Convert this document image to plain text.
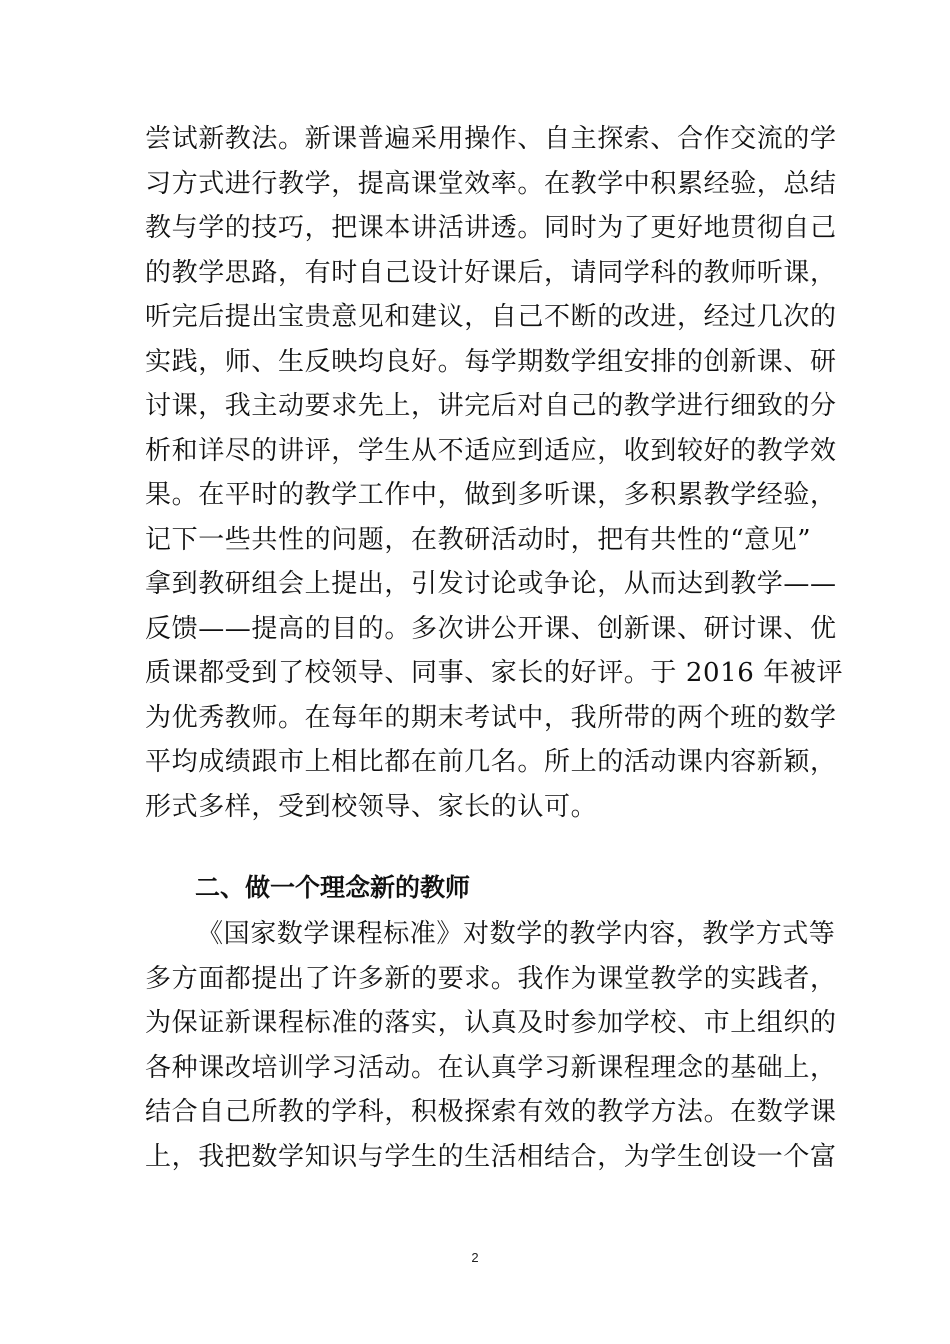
尝试新教法。新课普遍采用操作、自主探索、合作交流的学
习方式进行教学，提高课堂效率。在教学中积累经验，总结
教与学的技巧，把课本讲活讲透。同时为了更好地贯彻自己
的教学思路，有时自己设计好课后，请同学科的教师听课，
听完后提出宝贵意见和建议，自己不断的改进，经过几次的
实践，师、生反映均良好。每学期数学组安排的创新课、研
讨课，我主动要求先上，讲完后对自己的教学进行细致的分
析和详尽的讲评，学生从不适应到适应，收到较好的教学效
果。在平时的教学工作中，做到多听课，多积累教学经验，
记下一些共性的问题，在教研活动时，把有共性的“意见”
拿到教研组会上提出，引发讨论或争论，从而达到教学——
反馈——提高的目的。多次讲公开课、创新课、研讨课、优
质课都受到了校领导、同事、家长的好评。于 2016 年被评
为优秀教师。在每年的期末考试中，我所带的两个班的数学
平均成绩跟市上相比都在前几名。所上的活动课内容新颖，
形式多样，受到校领导、家长的认可。
二、做一个理念新的教师
《国家数学课程标准》对数学的教学内容，教学方式等
多方面都提出了许多新的要求。我作为课堂教学的实践者，
为保证新课程标准的落实，认真及时参加学校、市上组织的
各种课改培训学习活动。在认真学习新课程理念的基础上，
结合自己所教的学科，积极探索有效的教学方法。在数学课
上，我把数学知识与学生的生活相结合，为学生创设一个富
2
